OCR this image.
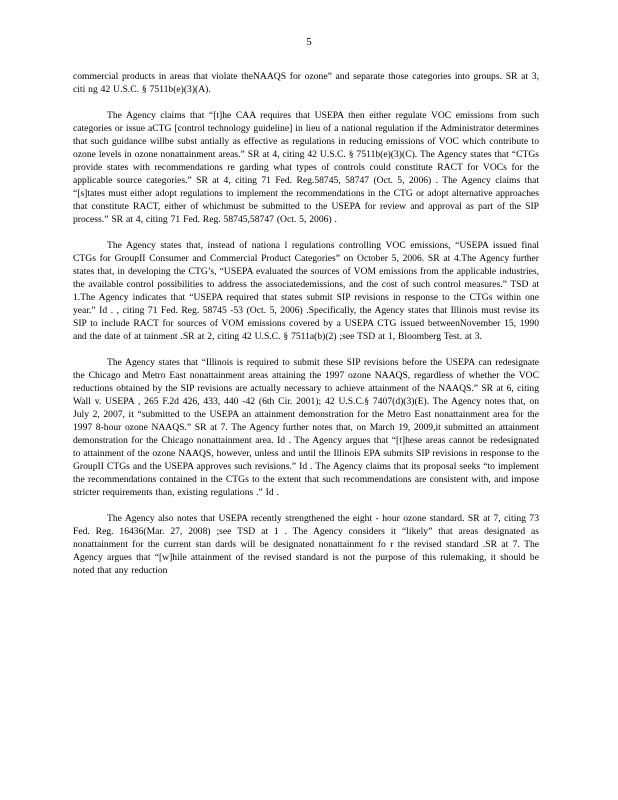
5

commercial products in areas that violate theNAAQS for ozone” and separate those categories into groups. SR at 3, citi ng 42 U.S.C. § 7511b(e)(3)(A).

The Agency claims that “[t]he CAA requires that USEPA then either regulate VOC emissions from such categories or issue aCTG [control technology guideline] in lieu of a national regulation if the Administrator determines that such guidance willbe subst antially as effective as regulations in reducing emissions of VOC which contribute to ozone levels in ozone nonattainment areas.” SR at 4, citing 42 U.S.C. § 7511b(e)(3)(C). The Agency states that “CTGs provide states with recommendations re garding what types of controls could constitute RACT for VOCs for the applicable source categories.” SR at 4, citing 71 Fed. Reg.58745, 58747 (Oct. 5, 2006) . The Agency claims that “[s]tates must either adopt regulations to implement the recommendations in the CTG or adopt alternative approaches that constitute RACT, either of whichmust be submitted to the USEPA for review and approval as part of the SIP process.” SR at 4, citing 71 Fed. Reg. 58745,58747 (Oct. 5, 2006) .

The Agency states that, instead of nationa l regulations controlling VOC emissions, “USEPA issued final CTGs for GroupII Consumer and Commercial Product Categories” on October 5, 2006. SR at 4.The Agency further states that, in developing the CTG’s, “USEPA evaluated the sources of VOM emissions from the applicable industries, the available control possibilities to address the associatedemissions, and the cost of such control measures.” TSD at 1.The Agency indicates that “USEPA required that states submit SIP revisions in response to the CTGs within one year.” Id . , citing 71 Fed. Reg. 58745 -53 (Oct. 5, 2006) .Specifically, the Agency states that Illinois must revise its SIP to include RACT for sources of VOM emissions covered by a USEPA CTG issued betweenNovember 15, 1990 and the date of at tainment .SR at 2, citing 42 U.S.C. § 7511a(b)(2) ;see TSD at 1, Bloomberg Test. at 3.

The Agency states that “Illinois is required to submit these SIP revisions before the USEPA can redesignate the Chicago and Metro East nonattainment areas attaining the 1997 ozone NAAQS, regardless of whether the VOC reductions obtained by the SIP revisions are actually necessary to achieve attainment of the NAAQS.” SR at 6, citing Wall v. USEPA , 265 F.2d 426, 433, 440 -42 (6th Cir. 2001); 42 U.S.C.§ 7407(d)(3)(E). The Agency notes that, on July 2, 2007, it “submitted to the USEPA an attainment demonstration for the Metro East nonattainment area for the 1997 8-hour ozone NAAQS.” SR at 7. The Agency further notes that, on March 19, 2009,it submitted an attainment demonstration for the Chicago nonattainment area. Id . The Agency argues that “[t]hese areas cannot be redesignated to attainment of the ozone NAAQS, however, unless and until the Illinois EPA submits SIP revisions in response to the GroupII CTGs and the USEPA approves such revisions.” Id . The Agency claims that its proposal seeks “to implement the recommendations contained in the CTGs to the extent that such recommendations are consistent with, and impose stricter requirements than, existing regulations .” Id .

The Agency also notes that USEPA recently strengthened the eight - hour ozone standard. SR at 7, citing 73 Fed. Reg. 16436(Mar. 27, 2008) ;see TSD at 1 . The Agency considers it “likely” that areas designated as nonattainment for the current stan dards will be designated nonattainment fo r the revised standard .SR at 7. The Agency argues that “[w]hile attainment of the revised standard is not the purpose of this rulemaking, it should be noted that any reduction
